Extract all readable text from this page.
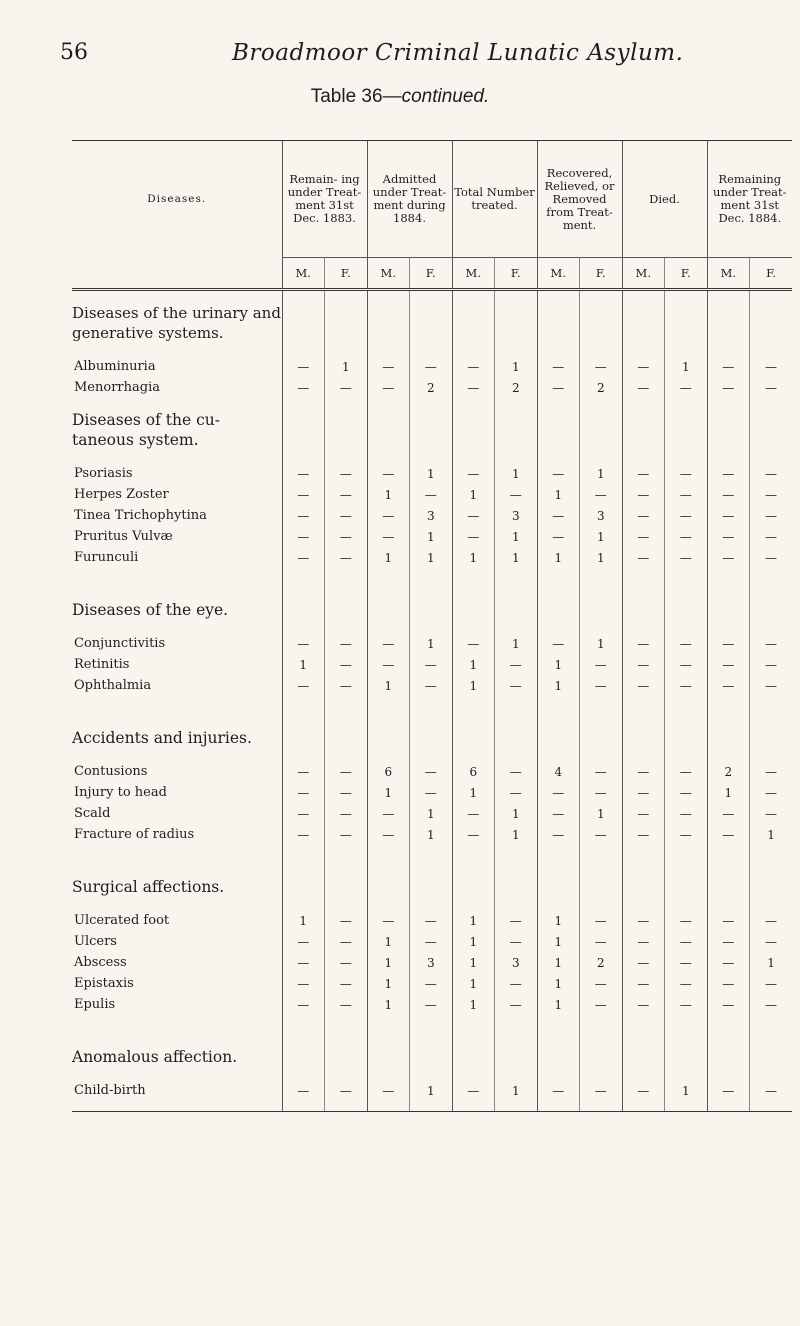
56	Broadmoor Criminal Lunatic Asylum.
Table 36—continued.
Diseases.	Remain- ing under Treat- ment 31st Dec. 1883.		Admitted under Treat- ment during 1884.		Total Number treated.		Recovered, Relieved, or Removed from Treat- ment.		Died.		Remaining under Treat- ment 31st Dec. 1884.	
	M.	F.	M.	F.	M.	F.	M.	F.	M.	F.	M.	F.
Diseases of the urinary and generative systems.												

Albuminuria	—	1	—	—	—	1	—	—	—	1	—	—
Menorrhagia	—	—	—	2	—	2	—	2	—	—	—	—
Diseases of the cu- taneous system.												

Psoriasis	—	—	—	1	—	1	—	1	—	—	—	—
Herpes Zoster	—	—	1	—	1	—	1	—	—	—	—	—
Tinea Trichophytina	—	—	—	3	—	3	—	3	—	—	—	—
Pruritus Vulvæ	—	—	—	1	—	1	—	1	—	—	—	—
Furunculi	—	—	1	1	1	1	1	1	—	—	—	—
Diseases of the eye.												

Conjunctivitis	—	—	—	1	—	1	—	1	—	—	—	—
Retinitis	1	—	—	—	1	—	1	—	—	—	—	—
Ophthalmia	—	—	1	—	1	—	1	—	—	—	—	—
Accidents and injuries.												

Contusions	—	—	6	—	6	—	4	—	—	—	2	—
Injury to head	—	—	1	—	1	—	—	—	—	—	1	—
Scald	—	—	—	1	—	1	—	1	—	—	—	—
Fracture of radius	—	—	—	1	—	1	—	—	—	—	—	1
Surgical affections.												

Ulcerated foot	1	—	—	—	1	—	1	—	—	—	—	—
Ulcers	—	—	1	—	1	—	1	—	—	—	—	—
Abscess	—	—	1	3	1	3	1	2	—	—	—	1
Epistaxis	—	—	1	—	1	—	1	—	—	—	—	—
Epulis	—	—	1	—	1	—	1	—	—	—	—	—
Anomalous affection.												

Child-birth	—	—	—	1	—	1	—	—	—	1	—	—
